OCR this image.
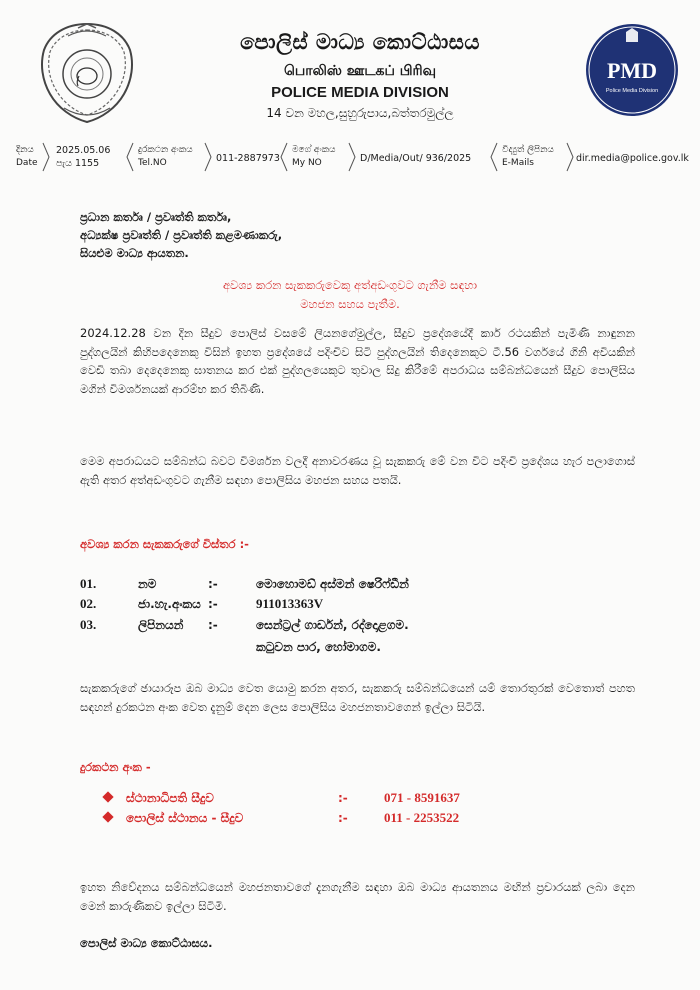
පොලිස් මාධ්‍ය කොට්ඨාසය
பொலிஸ் ஊடகப் பிரிவு
POLICE MEDIA DIVISION
14 වන මහල,සුහුරුපාය,බත්තරමුල්ල
PMD
Police Media Division
දිනය
Date
2025.05.06
පැය 1155
දුරකථන අංකය
Tel.NO	011-2887973
මගේ අංකය
My NO	D/Media/Out/ 936/2025
විද්‍යුත් ලිපිනය
E-Mails	dir.media@police.gov.lk
ප්‍රධාන කර්තෘ / ප්‍රවෘත්ති කර්තෘ,
අධ්‍යක්ෂ ප්‍රවෘත්ති / ප්‍රවෘත්ති කළමණාකරු,
සියළුම මාධ්‍ය ආයතන.
අවශ්‍ය කරන සැකකරුවෙකු අත්අඩංගුවට ගැනීම සඳහා
මහජන සහය පැතීම.
2024.12.28 වන දින සීදුව පොලිස් වසමේ ලියනගේමුල්ල, සීදුව ප්‍රදේශයේදී කාර් රථයකින් පැමිණි නාඳුනන පුද්ගලයින් කිහිපදෙනෙකු විසින් ඉහත ප්‍රදේශයේ පදිංචිව සිටි පුද්ගලයින් තිදෙනෙකුට ටී.56 වර්ගයේ ගිනි අවියකින් වෙඩි තබා දෙදෙනෙකු ඝාතනය කර එක් පුද්ගලයෙකුට තුවාල සිදු කිරීමේ අපරාධය සම්බන්ධයෙන් සීදුව පොලිසිය මගින් විමර්ශනයක් ආරම්භ කර තිබිණි.
මෙම අපරාධයට සම්බන්ධ බවට විමර්ශන වලදී අනාවරණය වූ සැකකරු මේ වන විට පදිංචි ප්‍රදේශය හැර පලාගොස් ඇති අතර අත්අඩංගුවට ගැනීම සඳහා පොලිසිය මහජන සහය පතයි.
අවශ්‍ය කරන සැකකරුගේ විස්තර :-
01.	නම	:-	මොහොමඩ් අස්මන් ෂෙරිෆ්ඩීන්
02.	ජා.හැ.අංකය :-	911013363V
03.	ලිපිනයන් :-	සෙන්ට්‍රල් ගාර්ඩන්, රද්දොළගම.
කටුවන පාර, හෝමාගම.
සැකකරුගේ ඡායාරූප ඔබ මාධ්‍ය වෙත යොමු කරන අතර, සැකකරු සම්බන්ධයෙන් යම් තොරතුරක් වෙතොත් පහත සඳහන් දුරකථන අංක වෙත දැනුම් දෙන ලෙස පොලිසිය මහජනතාවගෙන් ඉල්ලා සිටියි.
දුරකථන අංක -
ස්ථානාධිපති සීදුව	:-	071 - 8591637
පොලිස් ස්ථානය - සීදුව	:-	011 - 2253522
ඉහත නිවේදනය සම්බන්ධයෙන් මහජනතාවගේ දැනගැනීම සඳහා ඔබ මාධ්‍ය ආයතනය මඟින් ප්‍රචාරයක් ලබා දෙන මෙන් කාරුණිකව ඉල්ලා සිටිමි.
පොලිස් මාධ්‍ය කොට්ඨාසය.
